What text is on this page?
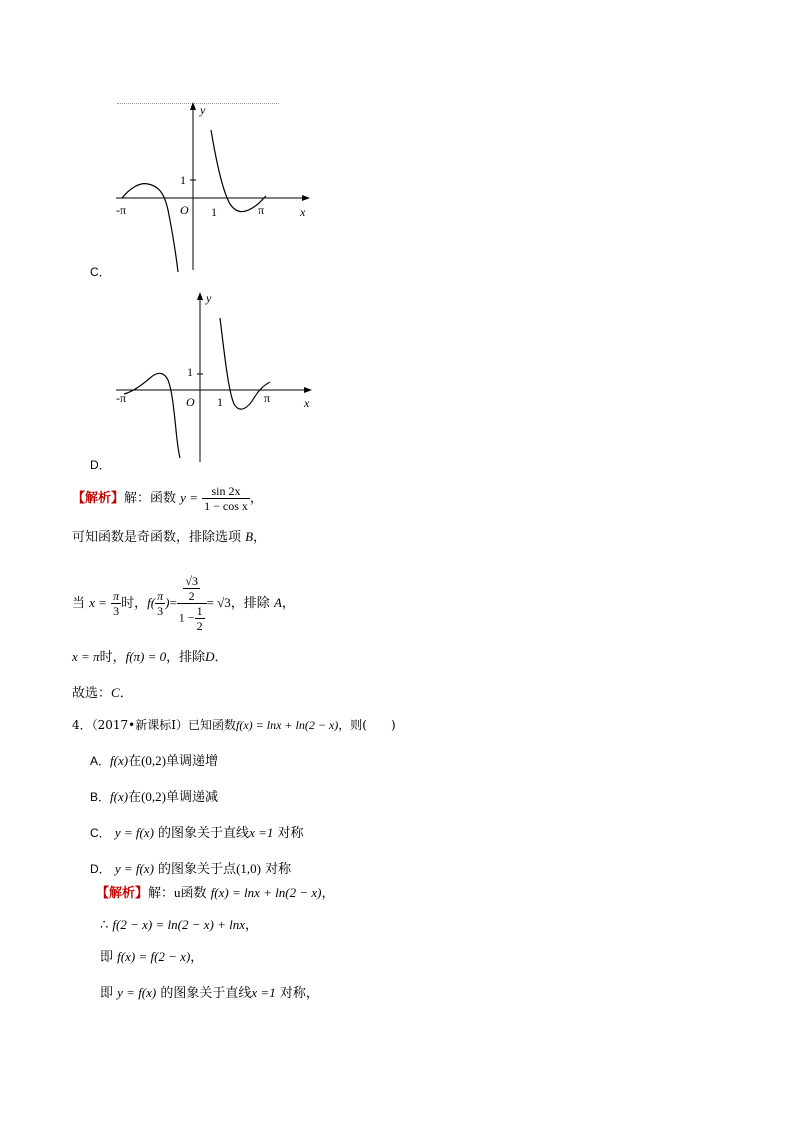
y
x
O 1
1
-π	π
C．
y
x
O 1
1
-π	π
D．
【解析】解：函数 $y = \frac{\sin 2x}{\text{1 − cos x}}$ ，
可知函数是奇函数，排除选项 B，
当 $x = \frac{\pi}{3}$ 时，$f( \frac{\pi}{3}$ )= $\frac{\frac{√3}{2}}{1 - \frac{1}{2}} = √3$，排除 A，
x = π时，f(π) = 0，排除D．
故选：C．
4．（2017•新课标Ⅰ）已知函数f(x) = lnx + ln(2 − x)，则(　　)
A．f(x)在(0,2)单调递增
B．f(x)在(0,2)单调递减
C． y = f(x) 的图象关于直线x =1 对称
D． y = f(x) 的图象关于点(1,0) 对称
【解析】解：u函数 f(x) = lnx + ln(2 − x)，
∴ f(2 − x) = ln(2 − x) + lnx，
即 f(x) = f(2 − x)，
即 y = f(x) 的图象关于直线x =1 对称，
